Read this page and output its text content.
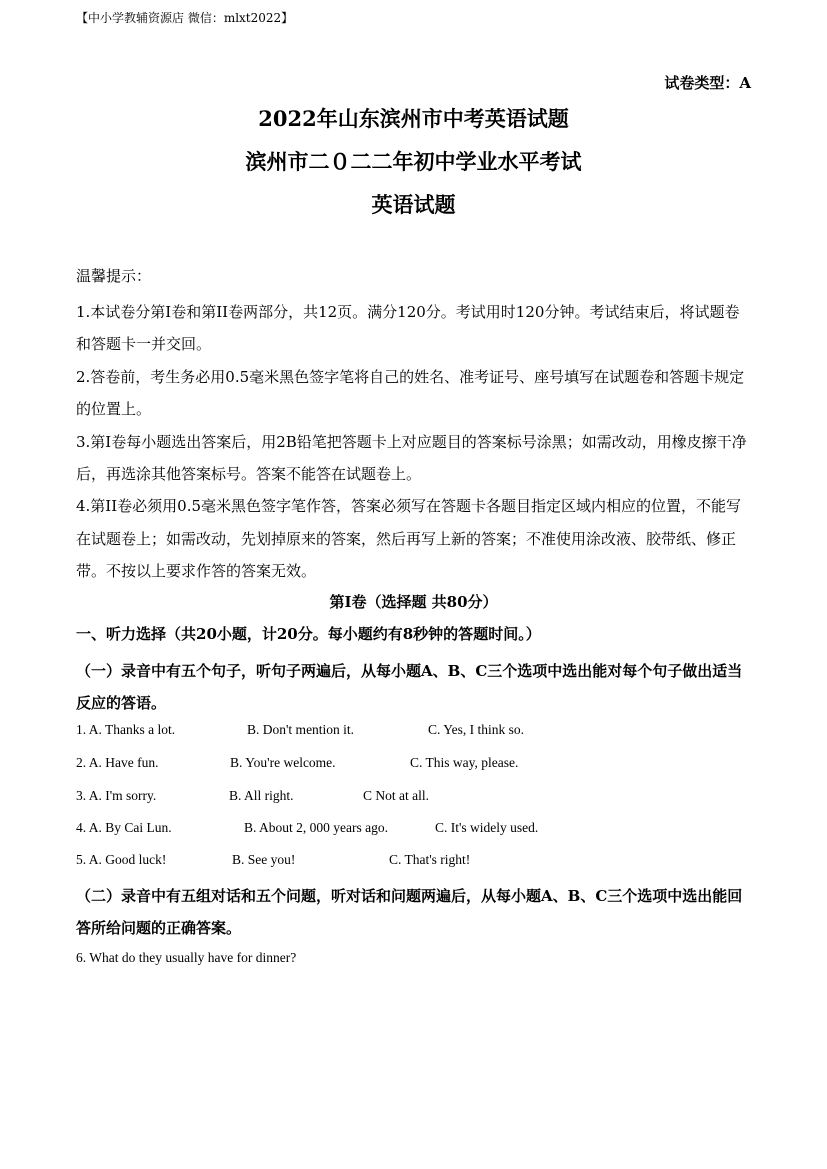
【中小学教辅资源店 微信：mlxt2022】
试卷类型：A
2022年山东滨州市中考英语试题
滨州市二０二二年初中学业水平考试
英语试题
温馨提示：

1.本试卷分第Ⅰ卷和第II卷两部分，共12页。满分120分。考试用时120分钟。考试结束后，将试题卷和答题卡一并交回。

2.答卷前，考生务必用0.5毫米黑色签字笔将自己的姓名、准考证号、座号填写在试题卷和答题卡规定的位置上。

3.第Ⅰ卷每小题选出答案后，用2B铅笔把答题卡上对应题目的答案标号涂黑；如需改动，用橡皮擦干净后，再选涂其他答案标号。答案不能答在试题卷上。

4.第II卷必须用0.5毫米黑色签字笔作答，答案必须写在答题卡各题目指定区域内相应的位置，不能写在试题卷上；如需改动，先划掉原来的答案，然后再写上新的答案；不准使用涂改液、胶带纸、修正带。不按以上要求作答的答案无效。

第I卷（选择题 共80分）
一、听力选择（共20小题，计20分。每小题约有8秒钟的答题时间。）
（一）录音中有五个句子，听句子两遍后，从每小题A、B、C三个选项中选出能对每个句子做出适当反应的答语。
1. A. Thanks a lot.	B. Don't mention it.	C. Yes, I think so.
2. A. Have fun.	B. You're welcome.	C. This way, please.
3. A. I'm sorry.	B. All right.	C Not at all.
4. A. By Cai Lun.	B. About 2, 000 years ago.	C. It's widely used.
5. A. Good luck!	B. See you!	C. That's right!
（二）录音中有五组对话和五个问题，听对话和问题两遍后，从每小题A、B、C三个选项中选出能回答所给问题的正确答案。
6. What do they usually have for dinner?
